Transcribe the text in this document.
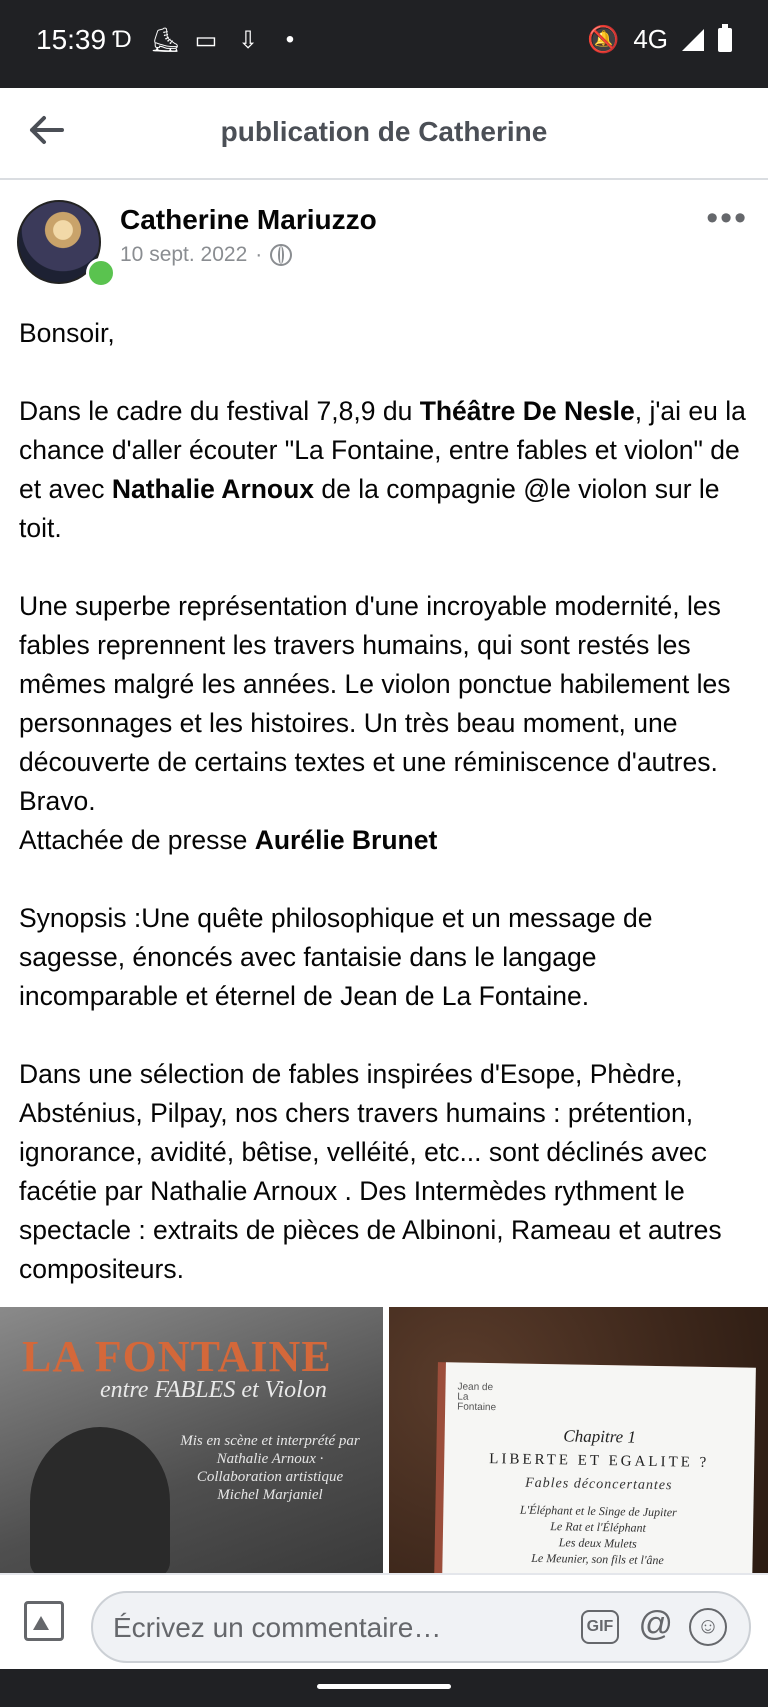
15:39 Ɗ ⛸ ▭ ⇩	•	🔕 4G
publication de Catherine
Catherine Mariuzzo
10 sept. 2022 ·
•••

Bonsoir,

Dans le cadre du festival 7,8,9 du Théâtre De Nesle, j'ai eu la chance d'aller écouter "La Fontaine, entre fables et violon" de et avec Nathalie Arnoux de la compagnie @le violon sur le toit.

Une superbe représentation d'une incroyable modernité, les fables reprennent les travers humains, qui sont restés les mêmes malgré les années. Le violon ponctue habilement les personnages et les histoires. Un très beau moment, une découverte de certains textes et une réminiscence d'autres. Bravo.
Attachée de presse Aurélie Brunet

Synopsis :Une quête philosophique et un message de sagesse, énoncés avec fantaisie dans le langage incomparable et éternel de Jean de La Fontaine.

Dans une sélection de fables inspirées d'Esope, Phèdre, Absténius, Pilpay, nos chers travers humains : prétention, ignorance, avidité, bêtise, velléité, etc... sont déclinés avec facétie par Nathalie Arnoux . Des Intermèdes rythment le spectacle : extraits de pièces de Albinoni, Rameau et autres compositeurs.

LA FONTAINE
entre FABLES et Violon
Mis en scène et interprété par Nathalie Arnoux · Collaboration artistique Michel Marjaniel
Jean de La Fontaine
Chapitre 1
LIBERTE ET EGALITE ?
Fables déconcertantes
L'Éléphant et le Singe de Jupiter
Le Rat et l'Éléphant
Les deux Mulets
Le Meunier, son fils et l'âne
Écrivez un commentaire…
GIF @	☺
